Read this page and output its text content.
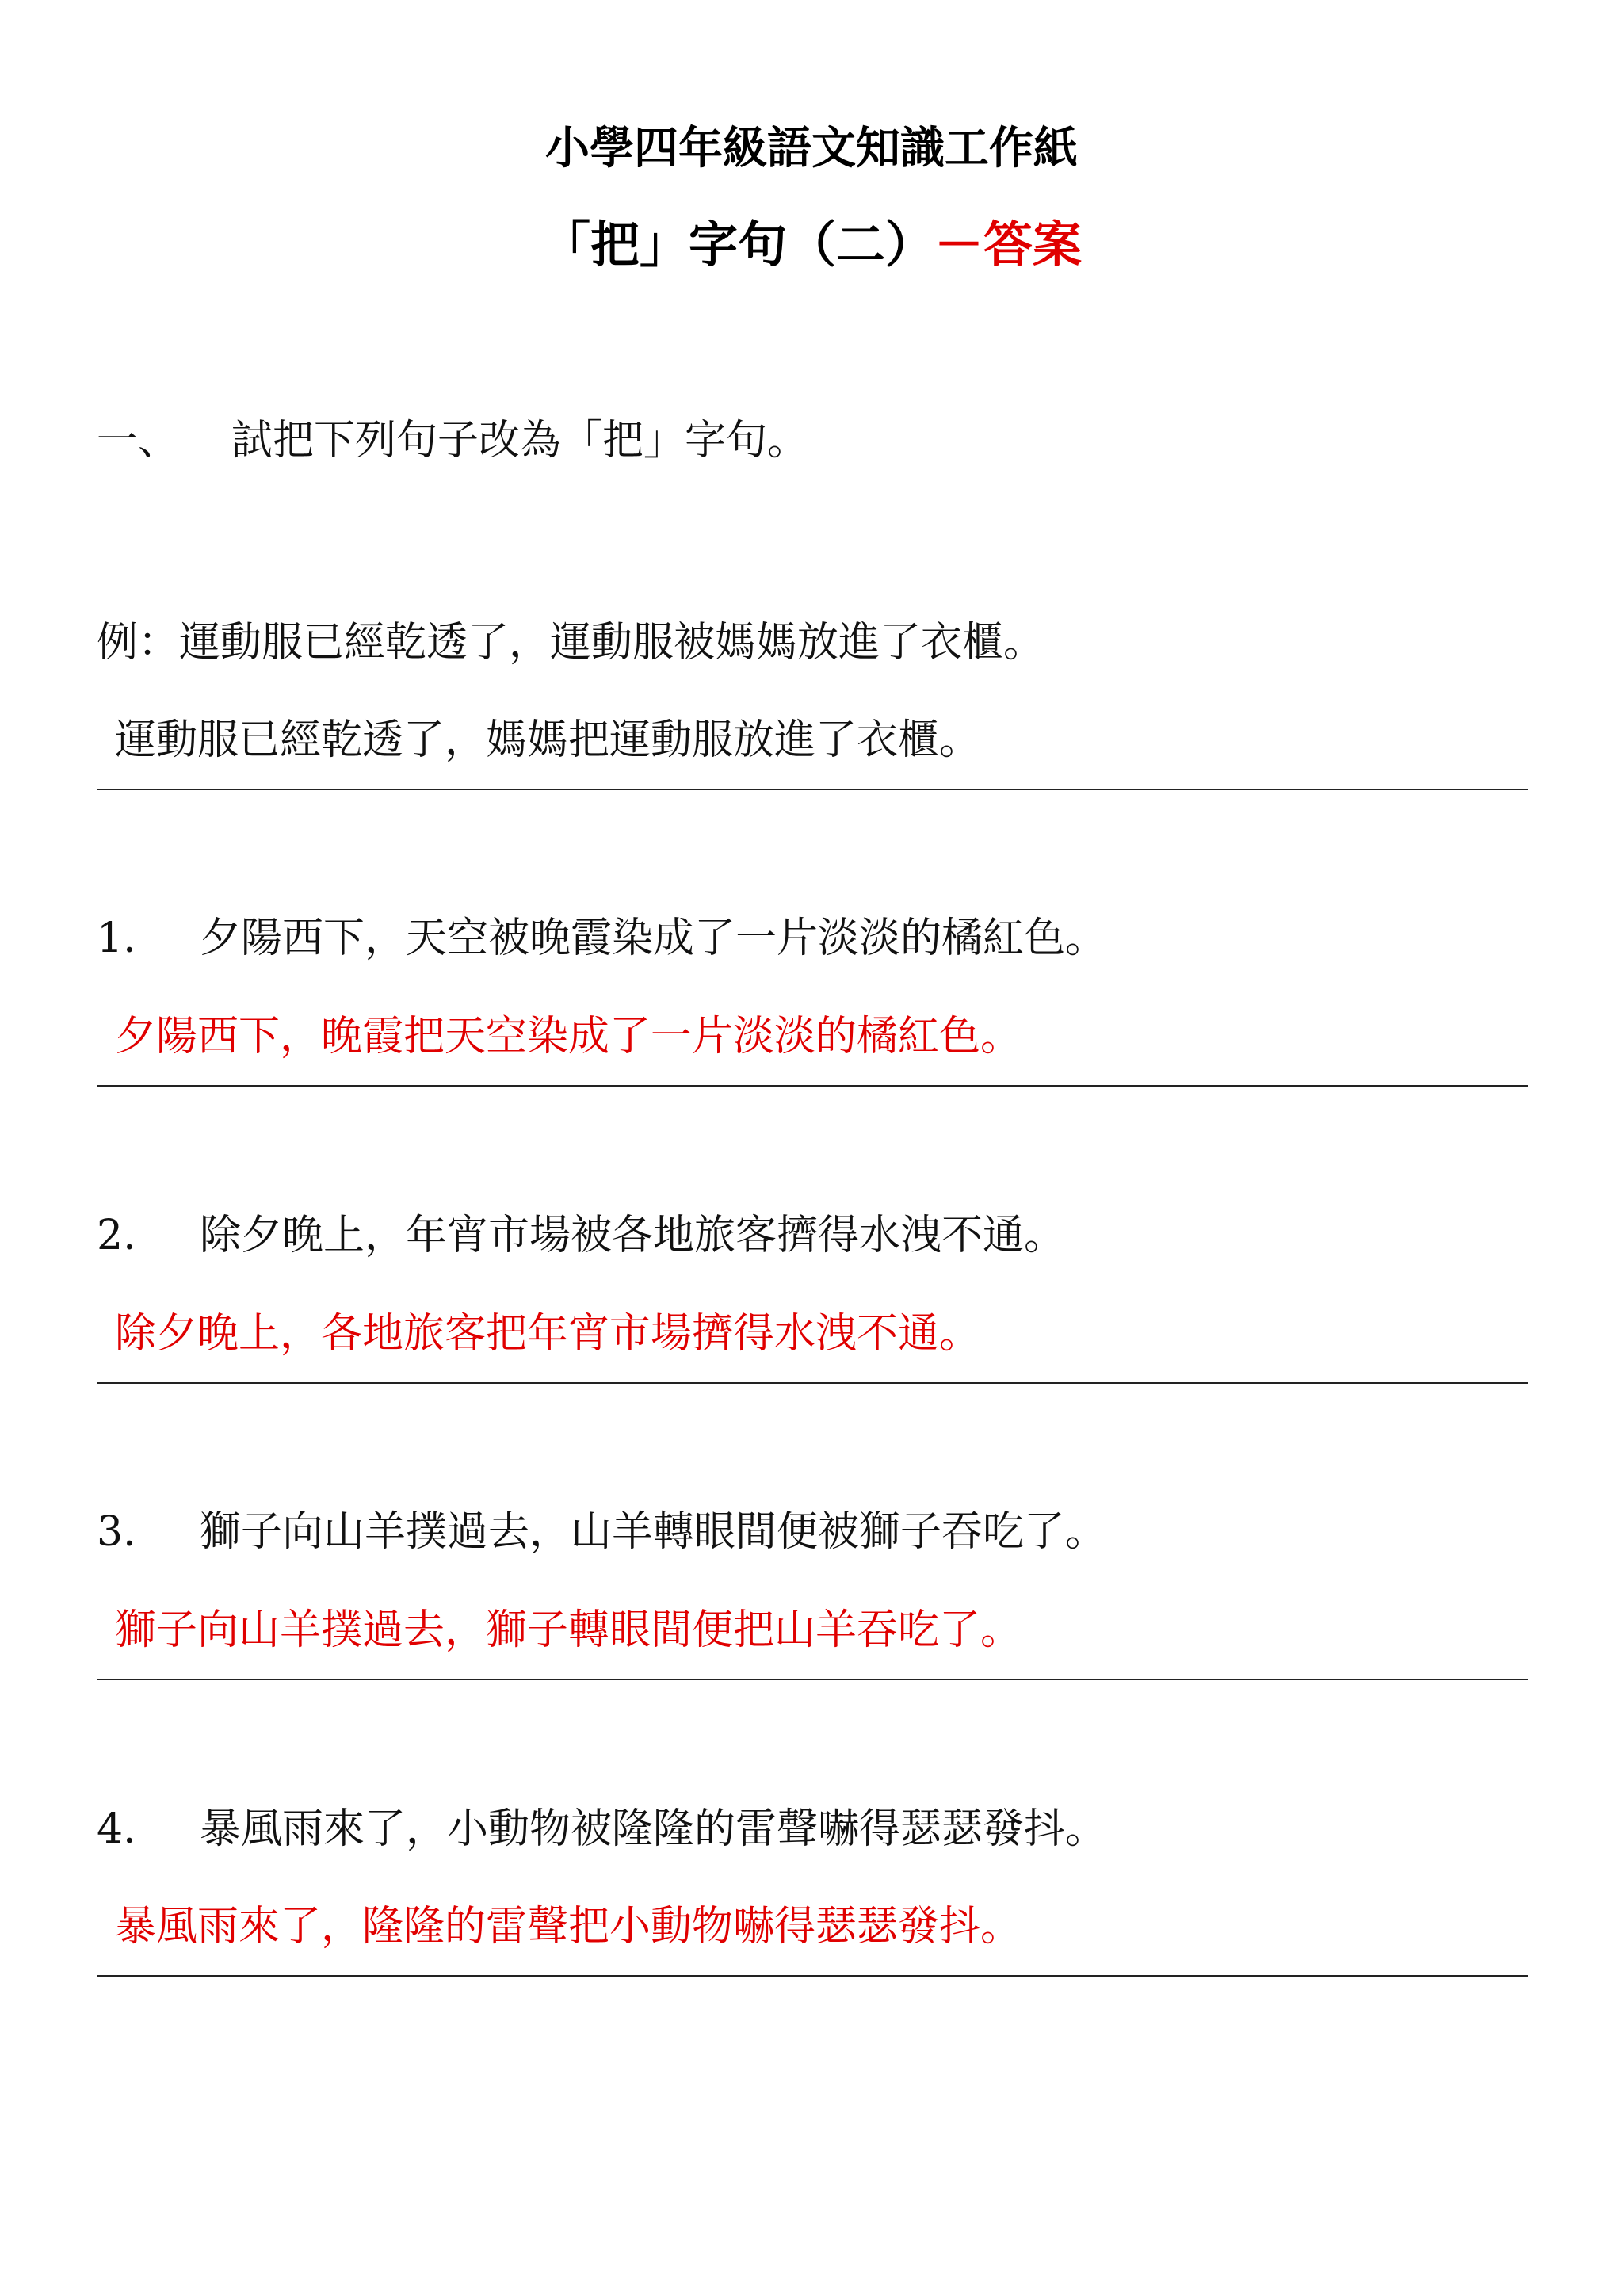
小學四年級語文知識工作紙
「把」字句（二）－答案
一、 試把下列句子改為「把」字句。
例：運動服已經乾透了，運動服被媽媽放進了衣櫃。
運動服已經乾透了，媽媽把運動服放進了衣櫃。
1. 夕陽西下，天空被晚霞染成了一片淡淡的橘紅色。
夕陽西下，晚霞把天空染成了一片淡淡的橘紅色。
2. 除夕晚上，年宵市場被各地旅客擠得水洩不通。
除夕晚上，各地旅客把年宵市場擠得水洩不通。
3. 獅子向山羊撲過去，山羊轉眼間便被獅子吞吃了。
獅子向山羊撲過去，獅子轉眼間便把山羊吞吃了。
4. 暴風雨來了，小動物被隆隆的雷聲嚇得瑟瑟發抖。
暴風雨來了，隆隆的雷聲把小動物嚇得瑟瑟發抖。
